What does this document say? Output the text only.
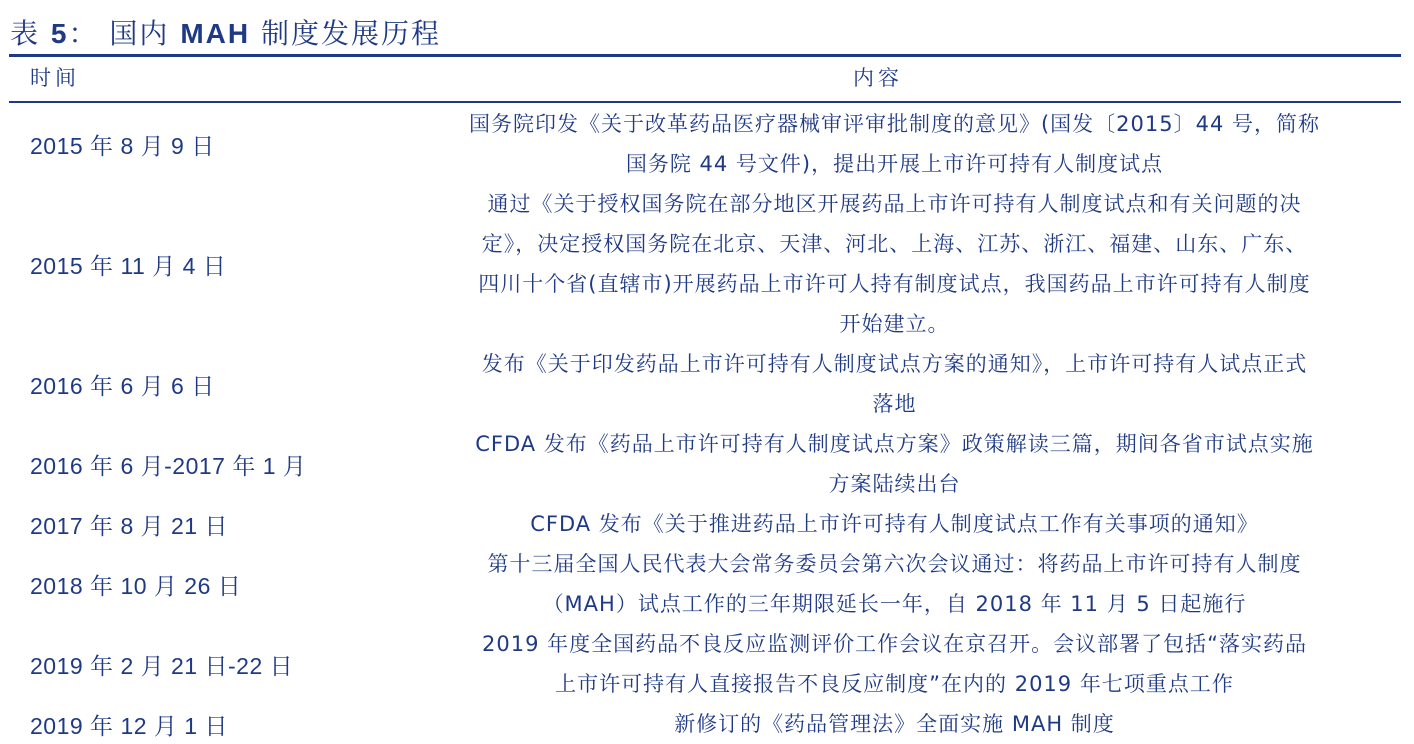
表 5： 国内 MAH 制度发展历程
时间	内容
2015 年 8 月 9 日	国务院印发《关于改革药品医疗器械审评审批制度的意见》(国发〔2015〕44 号，简称
国务院 44 号文件)，提出开展上市许可持有人制度试点

2015 年 11 月 4 日	通过《关于授权国务院在部分地区开展药品上市许可持有人制度试点和有关问题的决
定》，决定授权国务院在北京、天津、河北、上海、江苏、浙江、福建、山东、广东、
四川十个省(直辖市)开展药品上市许可人持有制度试点，我国药品上市许可持有人制度
开始建立。

2016 年 6 月 6 日	发布《关于印发药品上市许可持有人制度试点方案的通知》，上市许可持有人试点正式
落地

2016 年 6 月-2017 年 1 月	CFDA 发布《药品上市许可持有人制度试点方案》政策解读三篇，期间各省市试点实施
方案陆续出台

2017 年 8 月 21 日	CFDA 发布《关于推进药品上市许可持有人制度试点工作有关事项的通知》

2018 年 10 月 26 日	第十三届全国人民代表大会常务委员会第六次会议通过：将药品上市许可持有人制度
（MAH）试点工作的三年期限延长一年，自 2018 年 11 月 5 日起施行

2019 年 2 月 21 日-22 日	2019 年度全国药品不良反应监测评价工作会议在京召开。会议部署了包括“落实药品
上市许可持有人直接报告不良反应制度”在内的 2019 年七项重点工作

2019 年 12 月 1 日	新修订的《药品管理法》全面实施 MAH 制度
